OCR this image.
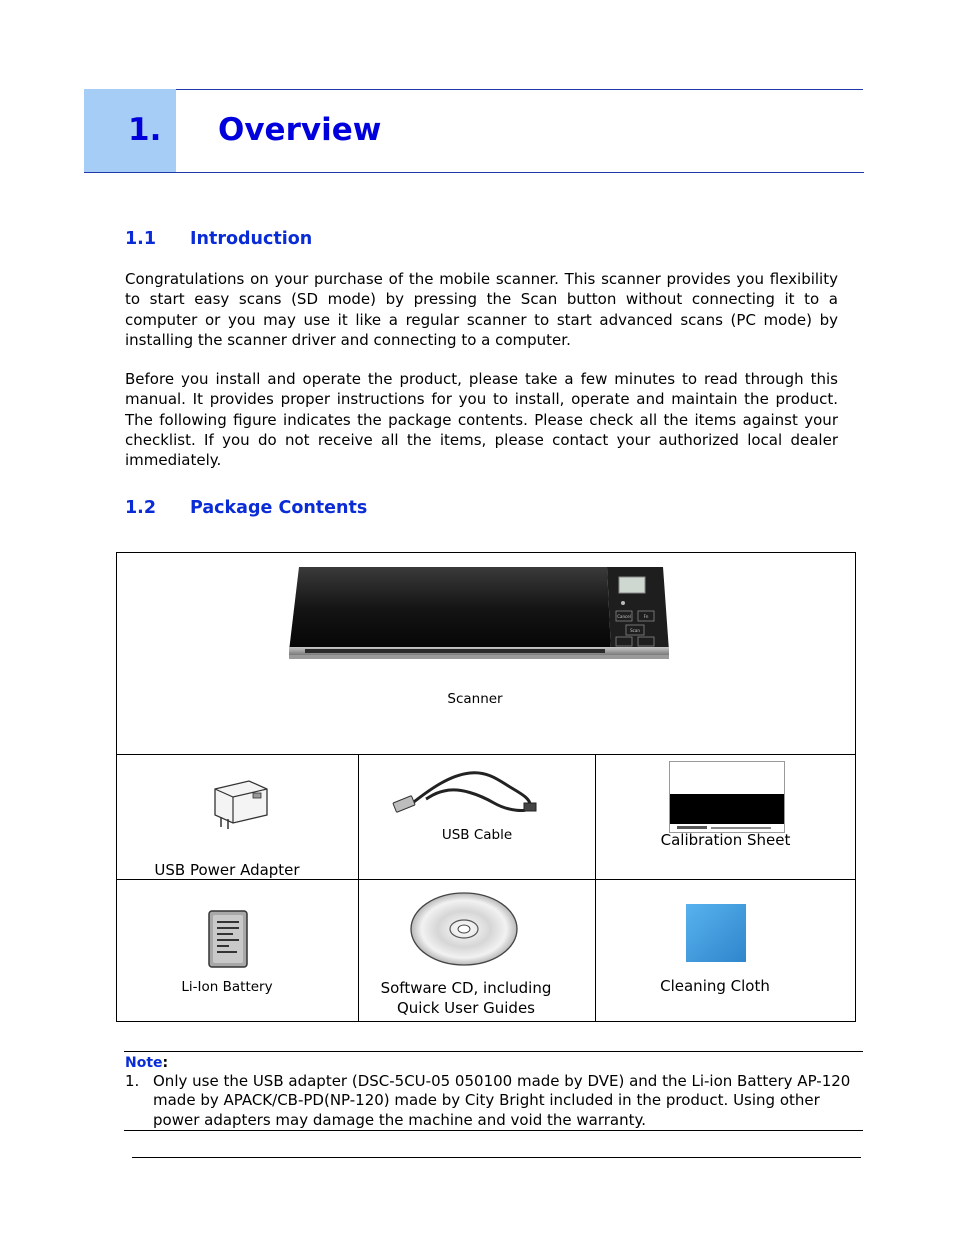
1. Overview
1.1 Introduction

Congratulations on your purchase of the mobile scanner. This scanner provides you flexibility to start easy scans (SD mode) by pressing the Scan button without connecting it to a computer or you may use it like a regular scanner to start advanced scans (PC mode) by installing the scanner driver and connecting to a computer.

Before you install and operate the product, please take a few minutes to read through this manual. It provides proper instructions for you to install, operate and maintain the product. The following figure indicates the package contents. Please check all the items against your checklist. If you do not receive all the items, please contact your authorized local dealer immediately.

1.2 Package Contents
Cancel
Scan
Fn
Scanner
USB Power Adapter
USB Cable	Calibration Sheet
Li-Ion Battery	Software CD, including
Quick User Guides
Cleaning Cloth
Note:
1. Only use the USB adapter (DSC-5CU-05 050100 made by DVE) and the Li-ion Battery AP-120 made by APACK/CB-PD(NP-120) made by City Bright included in the product. Using other power adapters may damage the machine and void the warranty.
